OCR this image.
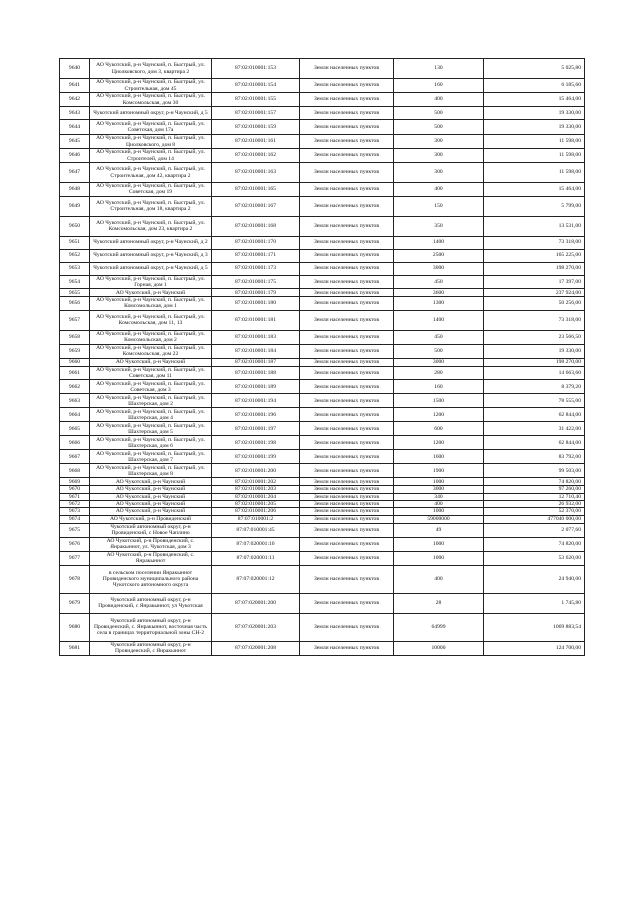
9640	АО Чукотский, р-н Чаунский, п. Быстрый, ул. Циолковского, дом 3, квартира 2	87:02:010001:153	Земли населенных пунктов	130	5 025,80
9641	АО Чукотский, р-н Чаунский, п. Быстрый, ул. Строительная, дом 45	87:02:010001:154	Земли населенных пунктов	160	6 185,60
9642	АО Чукотский, р-н Чаунский, п. Быстрый, ул. Комсомольская, дом 30	87:02:010001:155	Земли населенных пунктов	400	15 464,00
9643	Чукотский автономный округ, р-н Чаунский, д 5	87:02:010001:157	Земли населенных пунктов	500	19 330,00
9644	АО Чукотский, р-н Чаунский, п. Быстрый, ул. Советская, дом 17а	87:02:010001:159	Земли населенных пунктов	500	19 330,00
9645	АО Чукотский, р-н Чаунский, п. Быстрый, ул. Циолковского, дом 8	87:02:010001:161	Земли населенных пунктов	300	11 598,00
9646	АО Чукотский, р-н Чаунский, п. Быстрый, ул. Строителей, дом 14	87:02:010001:162	Земли населенных пунктов	300	11 598,00
9647	АО Чукотский, р-н Чаунский, п. Быстрый, ул. Строительная, дом 42, квартира 2	87:02:010001:163	Земли населенных пунктов	300	11 598,00
9648	АО Чукотский, р-н Чаунский, п. Быстрый, ул. Советская, дом 19	87:02:010001:165	Земли населенных пунктов	400	15 464,00
9649	АО Чукотский, р-н Чаунский, п. Быстрый, ул. Строительная, дом 18, квартира 2	87:02:010001:167	Земли населенных пунктов	150	5 799,00
9650	АО Чукотский, р-н Чаунский, п. Быстрый, ул. Комсомольская, дом 23, квартира 2	87:02:010001:168	Земли населенных пунктов	350	13 531,00
9651	Чукотский автономный округ, р-н Чаунский, д 2	87:02:010001:170	Земли населенных пунктов	1400	73 318,00
9652	Чукотский автономный округ, р-н Чаунский, д 3	87:02:010001:171	Земли населенных пунктов	2500	165 225,00
9653	Чукотский автономный округ, р-н Чаунский, д 5	87:02:010001:173	Земли населенных пунктов	3000	198 270,00
9654	АО Чукотский, р-н Чаунский, п. Быстрый, ул. Горная, дом 1	87:02:010001:175	Земли населенных пунктов	450	17 397,00
9655	АО Чукотский, р-н Чаунский	87:02:010001:179	Земли населенных пунктов	3600	237 924,00
9656	АО Чукотский, р-н Чаунский, п. Быстрый, ул. Комсомольская, дом 1	87:02:010001:180	Земли населенных пунктов	1300	50 256,00
9657	АО Чукотский, р-н Чаунский, п. Быстрый, ул. Комсомольская, дом 11, 13	87:02:010001:181	Земли населенных пунктов	1400	73 318,00
9658	АО Чукотский, р-н Чаунский, п. Быстрый, ул. Комсомольская, дом 2	87:02:010001:183	Земли населенных пунктов	450	23 566,50
9659	АО Чукотский, р-н Чаунский, п. Быстрый, ул. Комсомольская, дом 22	87:02:010001:184	Земли населенных пунктов	500	19 330,00
9660	АО Чукотский, р-н Чаунский	87:02:010001:187	Земли населенных пунктов	3000	198 270,00
9661	АО Чукотский, р-н Чаунский, п. Быстрый, ул. Советская, дом 11	87:02:010001:188	Земли населенных пунктов	280	14 663,60
9662	АО Чукотский, р-н Чаунский, п. Быстрый, ул. Советская, дом 3	87:02:010001:189	Земли населенных пунктов	160	8 379,20
9663	АО Чукотский, р-н Чаунский, п. Быстрый, ул. Шахтерская, дом 2	87:02:010001:194	Земли населенных пунктов	1500	78 555,00
9664	АО Чукотский, р-н Чаунский, п. Быстрый, ул. Шахтерская, дом 4	87:02:010001:196	Земли населенных пунктов	1200	62 844,00
9665	АО Чукотский, р-н Чаунский, п. Быстрый, ул. Шахтерская, дом 5	87:02:010001:197	Земли населенных пунктов	600	31 422,00
9666	АО Чукотский, р-н Чаунский, п. Быстрый, ул. Шахтерская, дом 6	87:02:010001:198	Земли населенных пунктов	1200	62 844,00
9667	АО Чукотский, р-н Чаунский, п. Быстрый, ул. Шахтерская, дом 7	87:02:010001:199	Земли населенных пунктов	1600	83 792,00
9668	АО Чукотский, р-н Чаунский, п. Быстрый, ул. Шахтерская, дом 8	87:02:010001:200	Земли населенных пунктов	1900	99 503,00
9669	АО Чукотский, р-н Чаунский	87:02:010001:202	Земли населенных пунктов	1000	74 820,00
9670	АО Чукотский, р-н Чаунский	87:02:010001:203	Земли населенных пунктов	3000	97 260,00
9671	АО Чукотский, р-н Чаунский	87:02:010001:204	Земли населенных пунктов	340	12 710,40
9672	АО Чукотский, р-н Чаунский	87:02:010001:205	Земли населенных пунктов	400	26 932,00
9673	АО Чукотский, р-н Чаунский	87:02:010001:206	Земли населенных пунктов	1000	52 370,00
9674	АО Чукотский, р-н Провиденский	87:07:010001:2	Земли населенных пунктов	59000000	477040 000,00
9675	Чукотский автономный округ, р-н Провиденский, с Новое Чаплино	87:07:010001:45	Земли населенных пунктов	49	2 077,60
9676	АО Чукотский, р-н Провиденский, с. Янракыннот, ул. Чукотская, дом 3	87:07:020001:10	Земли населенных пунктов	1000	74 820,00
9677	АО Чукотский, р-н Провиденский, с. Янракыннот	87:07:020001:11	Земли населенных пунктов	1000	53 620,00
9678	в сельском поселении Янракыннот Провиденского муниципального района Чукотского автономного округа	87:07:020001:12	Земли населенных пунктов	400	24 940,00
9679	Чукотский автономный округ, р-н Провиденский, с Янракыннот, ул Чукотская	87:07:020001:200	Земли населенных пунктов	28	1 745,80
9680	Чукотский автономный округ, р-н Провиденский, с. Янракыннот, восточная часть села в границах территориальной зоны СН-2	87:07:020001:203	Земли населенных пунктов	64999	1069 883,54
9681	Чукотский автономный округ, р-н Провиденский, с Янракыннот	87:07:020001:208	Земли населенных пунктов	10000	124 700,00
